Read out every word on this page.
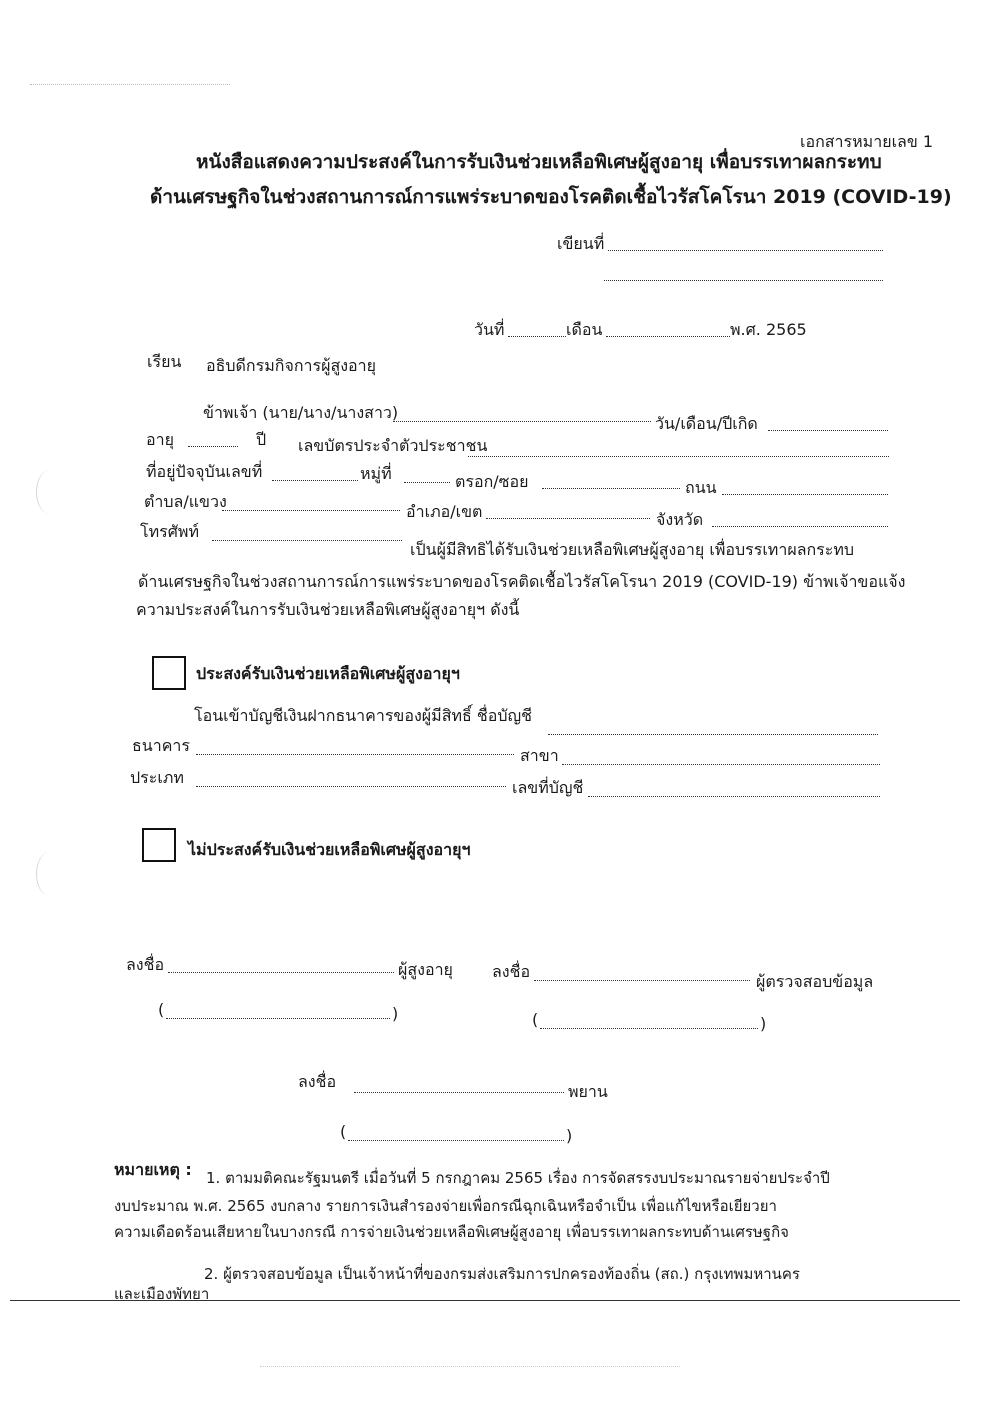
เอกสารหมายเลข 1
หนังสือแสดงความประสงค์ในการรับเงินช่วยเหลือพิเศษผู้สูงอายุ เพื่อบรรเทาผลกระทบ
ด้านเศรษฐกิจในช่วงสถานการณ์การแพร่ระบาดของโรคติดเชื้อไวรัสโคโรนา 2019 (COVID-19)
เขียนที่
วันที่	เดือน	พ.ศ. 2565
เรียน อธิบดีกรมกิจการผู้สูงอายุ
ข้าพเจ้า (นาย/นาง/นางสาว)
วัน/เดือน/ปีเกิด
อายุ	ปี เลขบัตรประจำตัวประชาชน
ที่อยู่ปัจจุบันเลขที่	หมู่ที่	ตรอก/ซอย	ถนน
ตำบล/แขวง
อำเภอ/เขต	จังหวัด
โทรศัพท์
เป็นผู้มีสิทธิได้รับเงินช่วยเหลือพิเศษผู้สูงอายุ เพื่อบรรเทาผลกระทบ
ด้านเศรษฐกิจในช่วงสถานการณ์การแพร่ระบาดของโรคติดเชื้อไวรัสโคโรนา 2019 (COVID-19) ข้าพเจ้าขอแจ้ง
ความประสงค์ในการรับเงินช่วยเหลือพิเศษผู้สูงอายุฯ ดังนี้
ประสงค์รับเงินช่วยเหลือพิเศษผู้สูงอายุฯ
โอนเข้าบัญชีเงินฝากธนาคารของผู้มีสิทธิ์ ชื่อบัญชี
ธนาคาร
สาขา
ประเภท
เลขที่บัญชี
ไม่ประสงค์รับเงินช่วยเหลือพิเศษผู้สูงอายุฯ
ลงชื่อ	ผู้สูงอายุ ลงชื่อ
ผู้ตรวจสอบข้อมูล
(	)	(	)
ลงชื่อ
พยาน
(	)
หมายเหตุ : 1. ตามมติคณะรัฐมนตรี เมื่อวันที่ 5 กรกฎาคม 2565 เรื่อง การจัดสรรงบประมาณรายจ่ายประจำปี
งบประมาณ พ.ศ. 2565 งบกลาง รายการเงินสำรองจ่ายเพื่อกรณีฉุกเฉินหรือจำเป็น เพื่อแก้ไขหรือเยียวยา
ความเดือดร้อนเสียหายในบางกรณี การจ่ายเงินช่วยเหลือพิเศษผู้สูงอายุ เพื่อบรรเทาผลกระทบด้านเศรษฐกิจ
2. ผู้ตรวจสอบข้อมูล เป็นเจ้าหน้าที่ของกรมส่งเสริมการปกครองท้องถิ่น (สถ.) กรุงเทพมหานคร
และเมืองพัทยา
